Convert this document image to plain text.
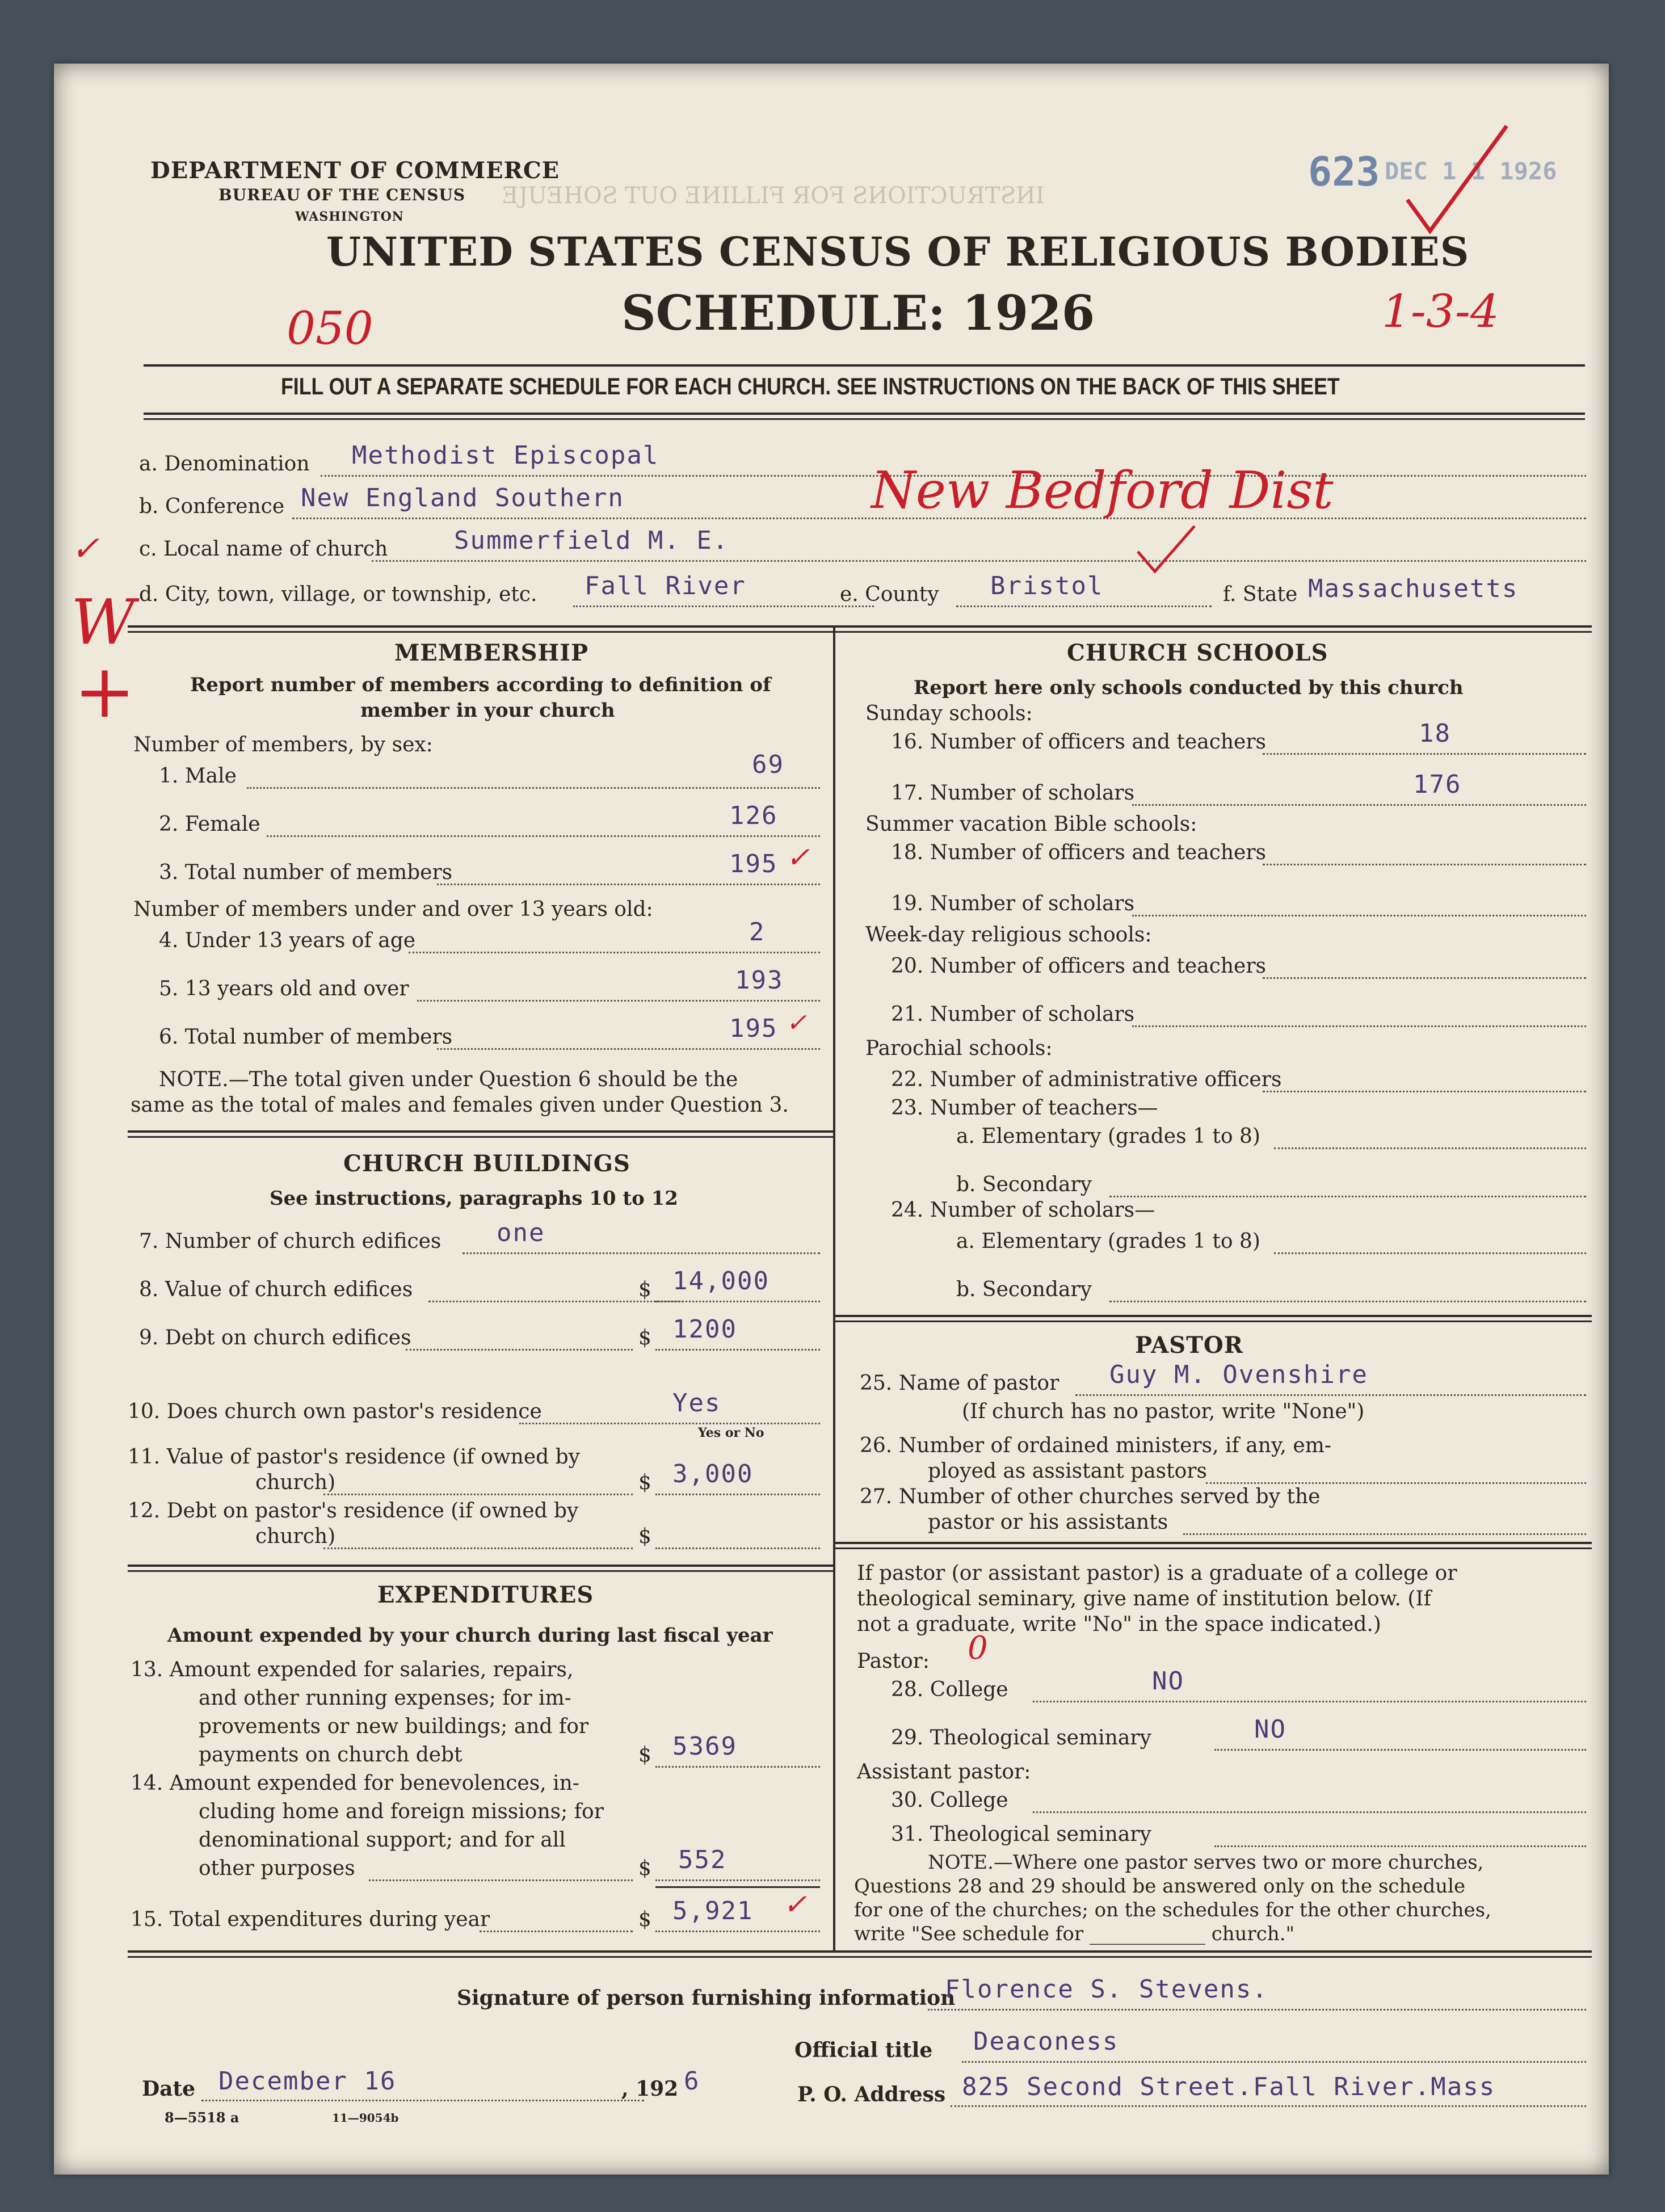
ƎJUƎHOƧ TUO ƎИILLIꟻ ЯOꟻ ƧИOITƆUЯTƧИI
DEPARTMENT OF COMMERCE
BUREAU OF THE CENSUS
WASHINGTON
623 DEC 1 1 1926
UNITED STATES CENSUS OF RELIGIOUS BODIES
SCHEDULE: 1926
050	1-3-4
FILL OUT A SEPARATE SCHEDULE FOR EACH CHURCH. SEE INSTRUCTIONS ON THE BACK OF THIS SHEET
a. Denomination Methodist Episcopal
b. Conference New England Southern	New Bedford Dist
c. Local name of church	Summerfield M. E.
✓
W
+
d. City, town, village, or township, etc. Fall River	e. County Bristol	f. State Massachusetts
MEMBERSHIP
Report number of members according to definition of
member in your church
Number of members, by sex:
1. Male	69
2. Female	126
3. Total number of members	195 ✓
Number of members under and over 13 years old:
4. Under 13 years of age	2
5. 13 years old and over	193
6. Total number of members	195 ✓
NOTE.—The total given under Question 6 should be the
same as the total of males and females given under Question 3.
CHURCH BUILDINGS
See instructions, paragraphs 10 to 12
7. Number of church edifices one
8. Value of church edifices	$ 14,000
9. Debt on church edifices	$ 1200
10. Does church own pastor's residence	Yes
Yes or No
11. Value of pastor's residence (if owned by
church)	$ 3,000
12. Debt on pastor's residence (if owned by
church)	$
EXPENDITURES
Amount expended by your church during last fiscal year
13. Amount expended for salaries, repairs,
and other running expenses; for im-
provements or new buildings; and for
payments on church debt	$ 5369
14. Amount expended for benevolences, in-
cluding home and foreign missions; for
denominational support; and for all
other purposes	$ 552
15. Total expenditures during year	$ 5,921 ✓
CHURCH SCHOOLS
Report here only schools conducted by this church
Sunday schools:
16. Number of officers and teachers	18
17. Number of scholars	176
Summer vacation Bible schools:
18. Number of officers and teachers
19. Number of scholars
Week-day religious schools:
20. Number of officers and teachers
21. Number of scholars
Parochial schools:
22. Number of administrative officers
23. Number of teachers—
a. Elementary (grades 1 to 8)
b. Secondary
24. Number of scholars—
a. Elementary (grades 1 to 8)
b. Secondary
PASTOR
25. Name of pastor Guy M. Ovenshire
(If church has no pastor, write "None")
26. Number of ordained ministers, if any, em-
ployed as assistant pastors
27. Number of other churches served by the
pastor or his assistants
If pastor (or assistant pastor) is a graduate of a college or
theological seminary, give name of institution below. (If
not a graduate, write "No" in the space indicated.)
Pastor: 0
28. College	NO
29. Theological seminary	NO
Assistant pastor:
30. College
31. Theological seminary
NOTE.—Where one pastor serves two or more churches,
Questions 28 and 29 should be answered only on the schedule
for one of the churches; on the schedules for the other churches,
write "See schedule for ____________ church."
Signature of person furnishing information
Florence S. Stevens.
Official title Deaconess
Date December 16	, 192 6	P. O. Address 825 Second Street.Fall River.Mass
8—5518 a	11—9054b
